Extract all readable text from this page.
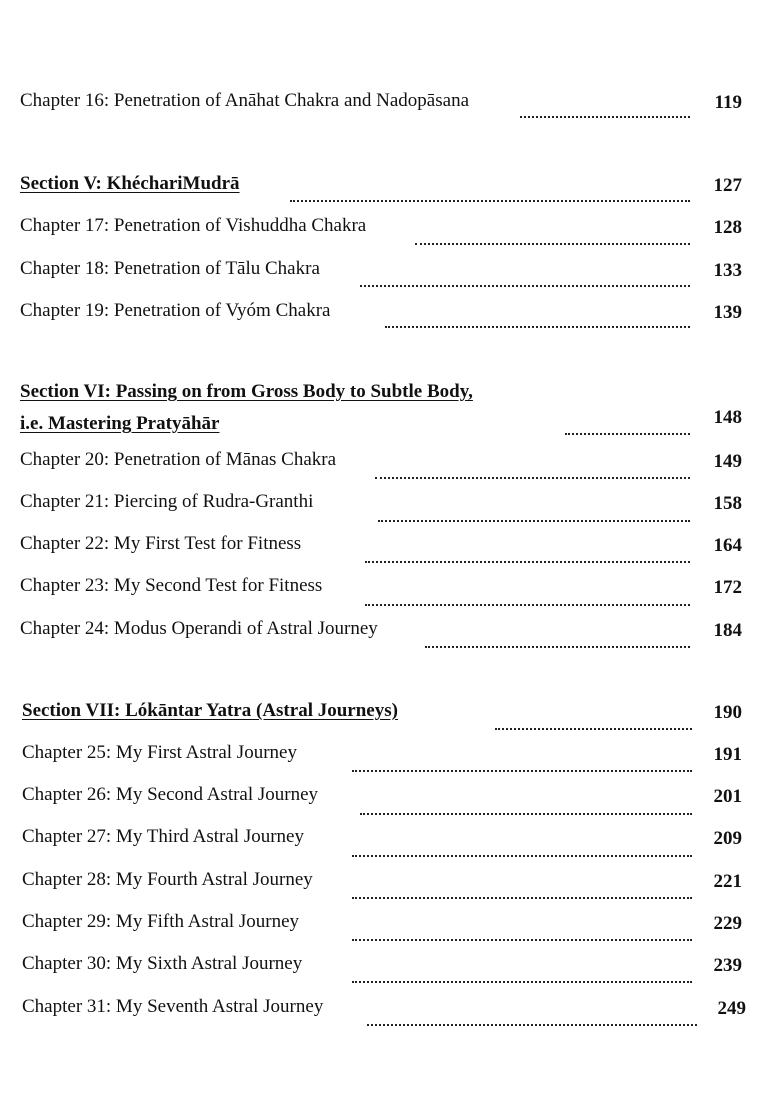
Chapter 16: Penetration of Anāhat Chakra and Nadopāsana	119
Section V: KhéchariMudrā	127
Chapter 17: Penetration of Vishuddha Chakra	128
Chapter 18: Penetration of Tālu Chakra	133
Chapter 19: Penetration of Vyóm Chakra	139
Section VI: Passing on from Gross Body to Subtle Body,
i.e. Mastering Pratyāhār	148
Chapter 20: Penetration of Mānas Chakra	149
Chapter 21: Piercing of Rudra-Granthi	158
Chapter 22: My First Test for Fitness	164
Chapter 23: My Second Test for Fitness	172
Chapter 24: Modus Operandi of Astral Journey	184
Section VII: Lókāntar Yatra (Astral Journeys)	190
Chapter 25: My First Astral Journey	191
Chapter 26: My Second Astral Journey	201
Chapter 27: My Third Astral Journey	209
Chapter 28: My Fourth Astral Journey	221
Chapter 29: My Fifth Astral Journey	229
Chapter 30: My Sixth Astral Journey	239
Chapter 31: My Seventh Astral Journey	249
